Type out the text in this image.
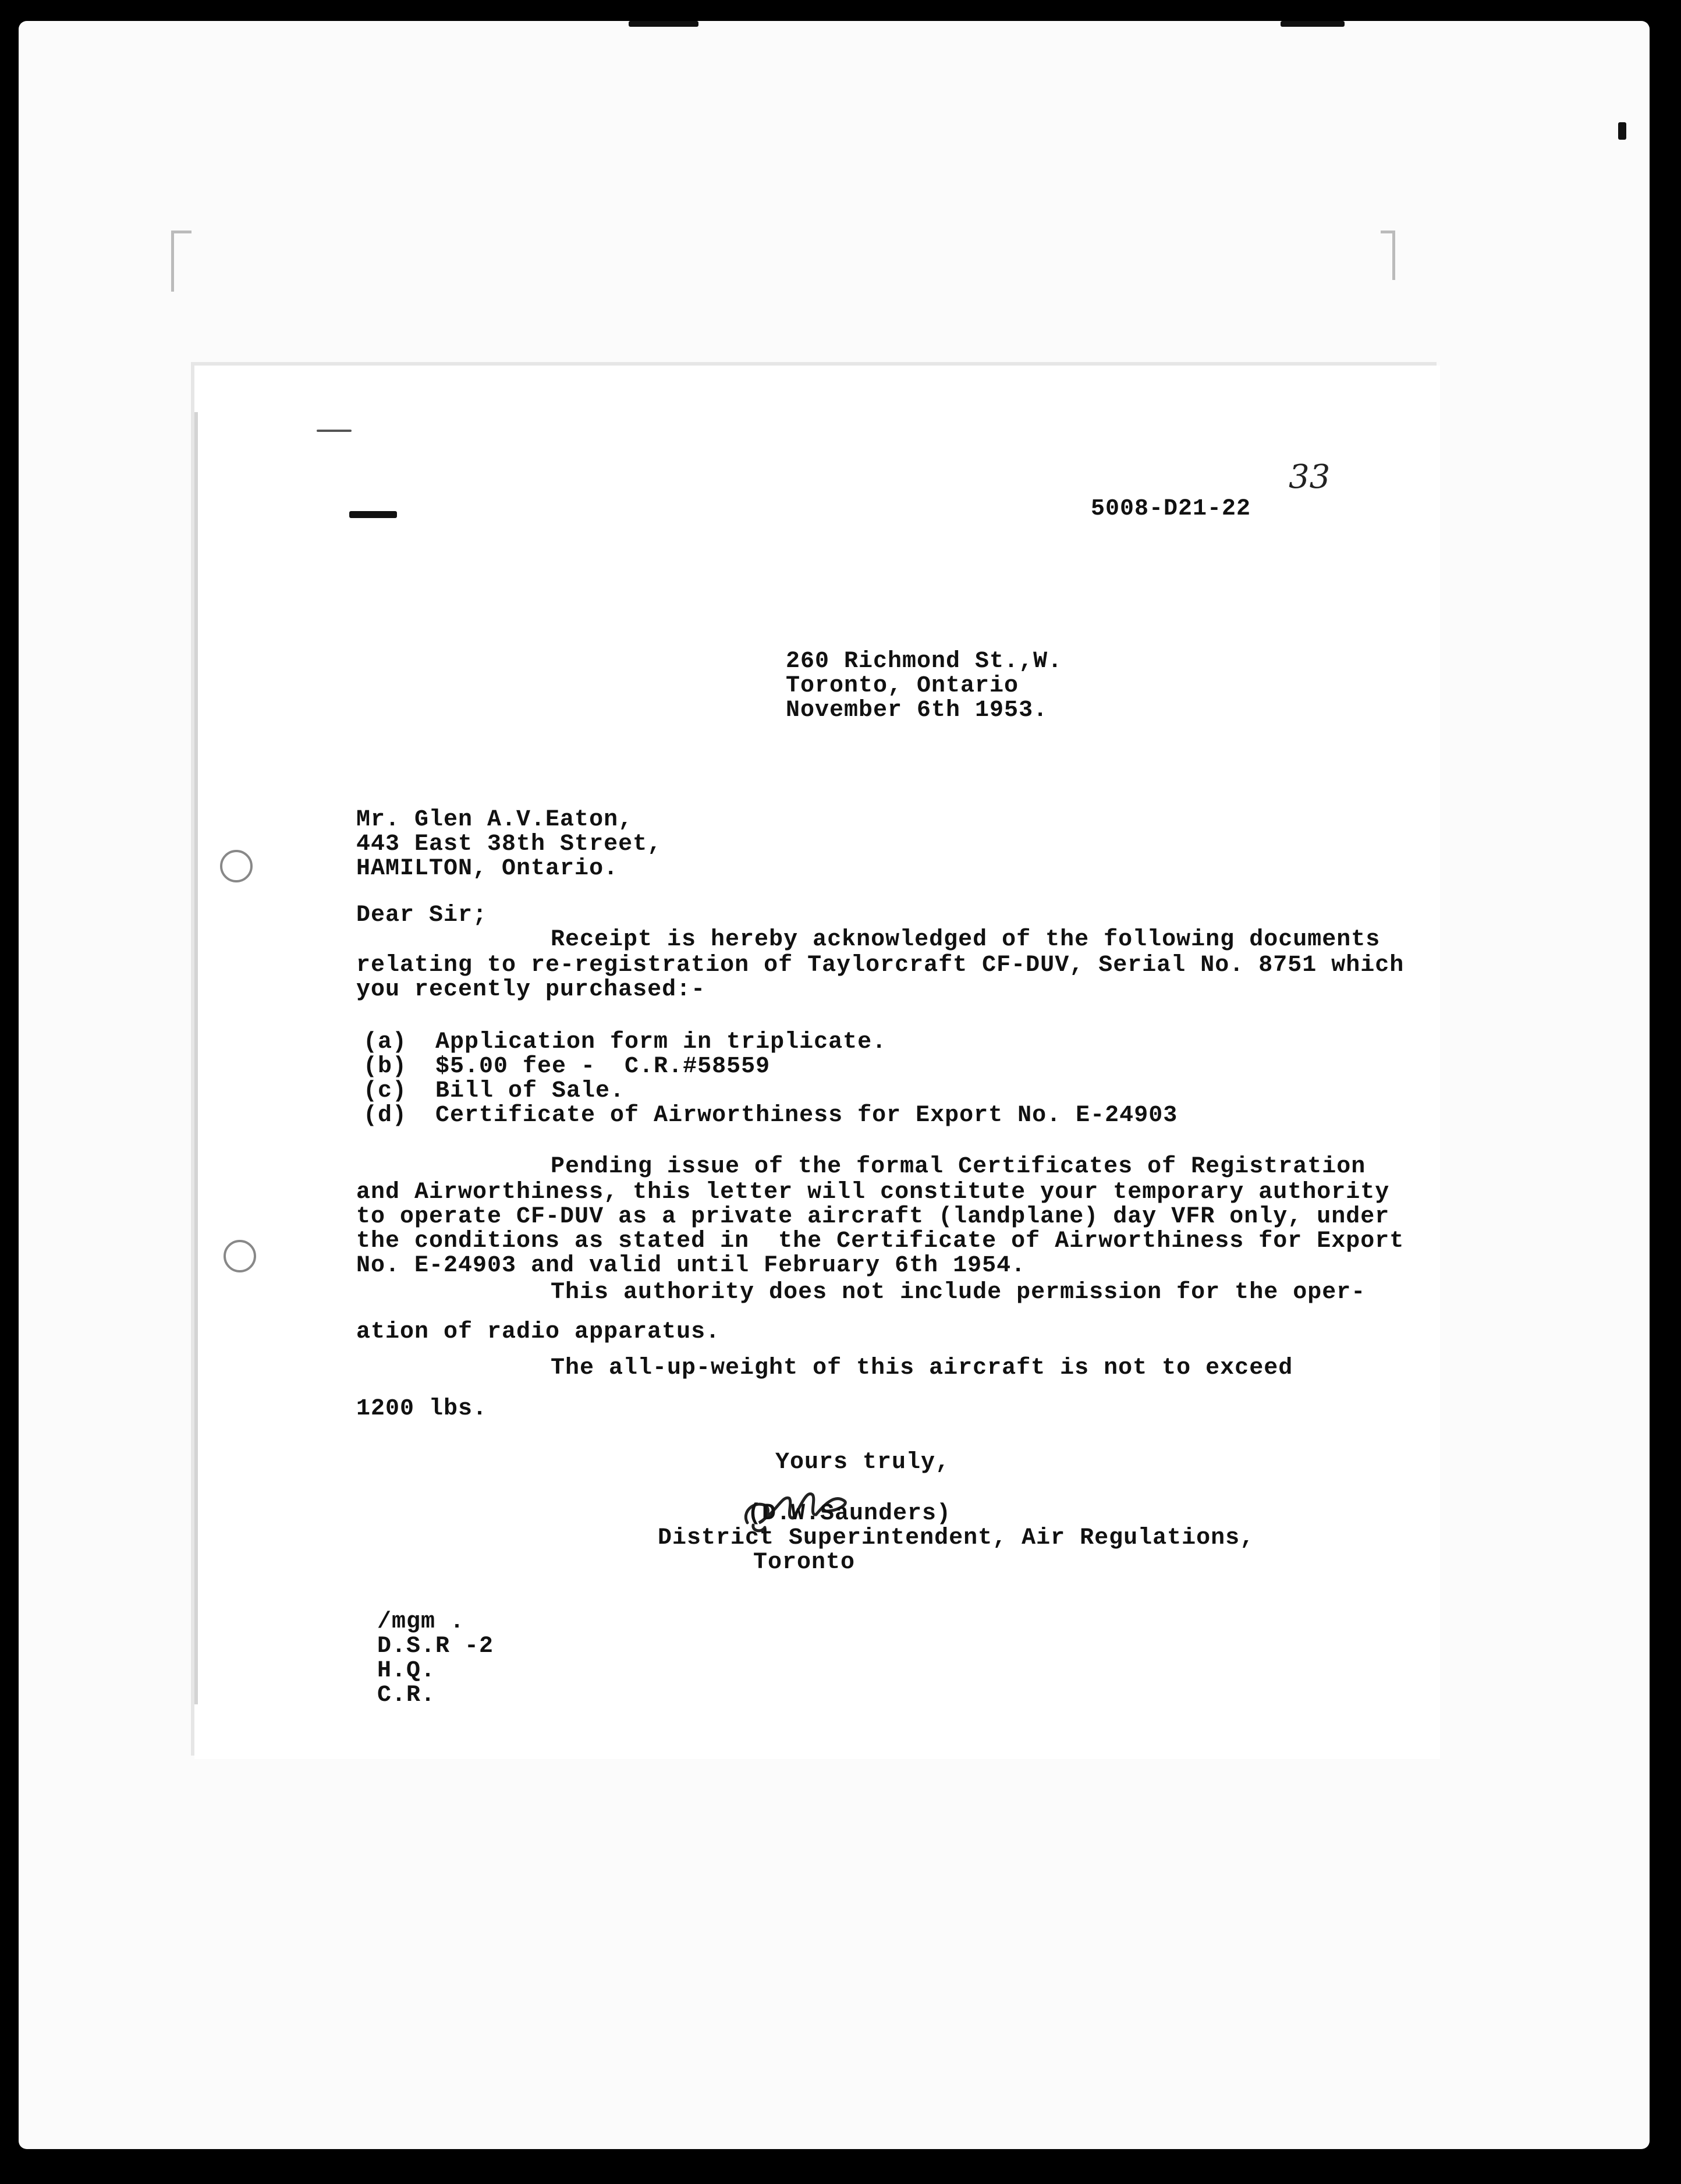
33
5008-D21-22
260 Richmond St.,W.
Toronto, Ontario
November 6th 1953.
Mr. Glen A.V.Eaton,
443 East 38th Street,
HAMILTON, Ontario.
Dear Sir;
Receipt is hereby acknowledged of the following documents
relating to re-registration of Taylorcraft CF-DUV, Serial No. 8751 which
you recently purchased:-
(a) Application form in triplicate.
(b) $5.00 fee -  C.R.#58559
(c) Bill of Sale.
(d) Certificate of Airworthiness for Export No. E-24903
Pending issue of the formal Certificates of Registration
and Airworthiness, this letter will constitute your temporary authority
to operate CF-DUV as a private aircraft (landplane) day VFR only, under
the conditions as stated in  the Certificate of Airworthiness for Export
No. E-24903 and valid until February 6th 1954.
This authority does not include permission for the oper-
ation of radio apparatus.
The all-up-weight of this aircraft is not to exceed
1200 lbs.
Yours truly,
(D.W.Saunders)
District Superintendent, Air Regulations,
Toronto
/mgm .
D.S.R -2
H.Q.
C.R.
